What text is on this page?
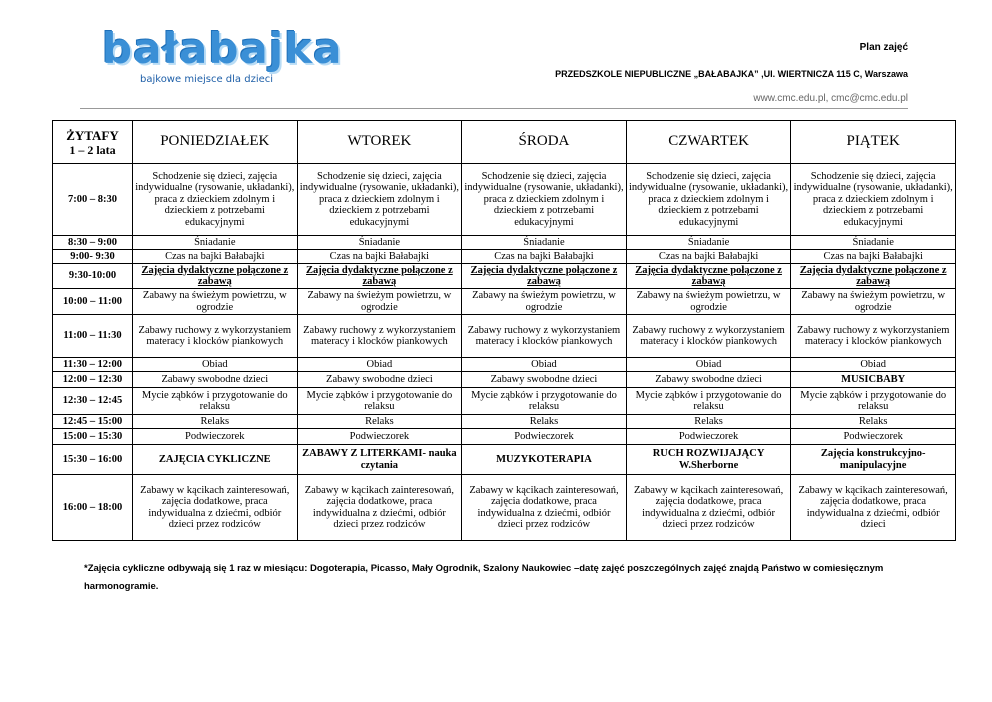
bałabajka
bajkowe miejsce dla dzieci
Plan zajęć
PRZEDSZKOLE NIEPUBLICZNE „BAŁABAJKA” ,Ul. WIERTNICZA 115 C, Warszawa
www.cmc.edu.pl, cmc@cmc.edu.pl
ŻYTAFY
1 – 2 lata	PONIEDZIAŁEK	WTOREK	ŚRODA	CZWARTEK	PIĄTEK
7:00 – 8:30	Schodzenie się dzieci, zajęcia indywidualne (rysowanie, układanki), praca z dzieckiem zdolnym i dzieckiem z potrzebami edukacyjnymi	Schodzenie się dzieci, zajęcia indywidualne (rysowanie, układanki), praca z dzieckiem zdolnym i dzieckiem z potrzebami edukacyjnymi	Schodzenie się dzieci, zajęcia indywidualne (rysowanie, układanki), praca z dzieckiem zdolnym i dzieckiem z potrzebami edukacyjnymi	Schodzenie się dzieci, zajęcia indywidualne (rysowanie, układanki), praca z dzieckiem zdolnym i dzieckiem z potrzebami edukacyjnymi	Schodzenie się dzieci, zajęcia indywidualne (rysowanie, układanki), praca z dzieckiem zdolnym i dzieckiem z potrzebami edukacyjnymi
8:30 – 9:00	Śniadanie	Śniadanie	Śniadanie	Śniadanie	Śniadanie
9:00- 9:30	Czas na bajki Bałabajki	Czas na bajki Bałabajki	Czas na bajki Bałabajki	Czas na bajki Bałabajki	Czas na bajki Bałabajki
9:30-10:00	Zajęcia dydaktyczne połączone z zabawą	Zajęcia dydaktyczne połączone z zabawą	Zajęcia dydaktyczne połączone z zabawą	Zajęcia dydaktyczne połączone z zabawą	Zajęcia dydaktyczne połączone z zabawą
10:00 – 11:00	Zabawy na świeżym powietrzu, w ogrodzie	Zabawy na świeżym powietrzu, w ogrodzie	Zabawy na świeżym powietrzu, w ogrodzie	Zabawy na świeżym powietrzu, w ogrodzie	Zabawy na świeżym powietrzu, w ogrodzie
11:00 – 11:30	Zabawy ruchowy z wykorzystaniem materacy i klocków piankowych	Zabawy ruchowy z wykorzystaniem materacy i klocków piankowych	Zabawy ruchowy z wykorzystaniem materacy i klocków piankowych	Zabawy ruchowy z wykorzystaniem materacy i klocków piankowych	Zabawy ruchowy z wykorzystaniem materacy i klocków piankowych
11:30 – 12:00	Obiad	Obiad	Obiad	Obiad	Obiad
12:00 – 12:30	Zabawy swobodne dzieci	Zabawy swobodne dzieci	Zabawy swobodne dzieci	Zabawy swobodne dzieci	MUSICBABY
12:30 – 12:45	Mycie ząbków i przygotowanie do relaksu	Mycie ząbków i przygotowanie do relaksu	Mycie ząbków i przygotowanie do relaksu	Mycie ząbków i przygotowanie do relaksu	Mycie ząbków i przygotowanie do relaksu
12:45 – 15:00	Relaks	Relaks	Relaks	Relaks	Relaks
15:00 – 15:30	Podwieczorek	Podwieczorek	Podwieczorek	Podwieczorek	Podwieczorek
15:30 – 16:00	ZAJĘCIA CYKLICZNE	ZABAWY Z LITERKAMI- nauka czytania	MUZYKOTERAPIA	RUCH ROZWIJAJĄCY W.Sherborne	Zajęcia konstrukcyjno-manipulacyjne
16:00 – 18:00	Zabawy w kącikach zainteresowań, zajęcia dodatkowe, praca indywidualna z dziećmi, odbiór dzieci przez rodziców	Zabawy w kącikach zainteresowań, zajęcia dodatkowe, praca indywidualna z dziećmi, odbiór dzieci przez rodziców	Zabawy w kącikach zainteresowań, zajęcia dodatkowe, praca indywidualna z dziećmi, odbiór dzieci przez rodziców	Zabawy w kącikach zainteresowań, zajęcia dodatkowe, praca indywidualna z dziećmi, odbiór dzieci przez rodziców	Zabawy w kącikach zainteresowań, zajęcia dodatkowe, praca indywidualna z dziećmi, odbiór dzieci
*Zajęcia cykliczne odbywają się 1 raz w miesiącu: Dogoterapia, Picasso, Mały Ogrodnik, Szalony Naukowiec –datę zajęć poszczególnych zajęć znajdą Państwo w comiesięcznym harmonogramie.
